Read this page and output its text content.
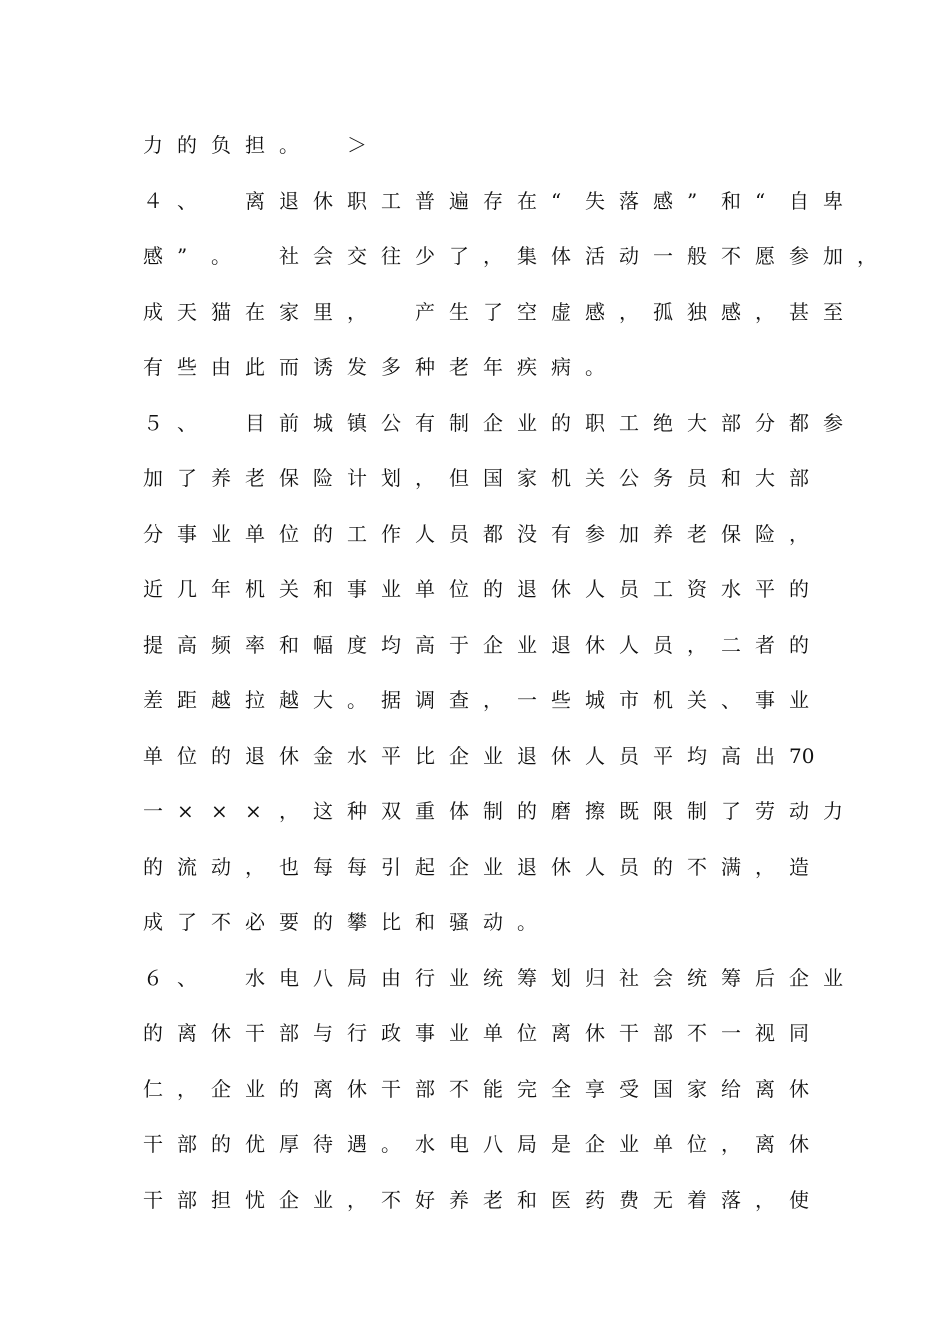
力 的 负 担 。
　 ＞
４ 、
　 离 退 休 职 工 普 遍 存 在 “ 失 落 感 ” 和 “ 自 卑
感 ” 。
　 社 会 交 往 少 了 ， 集 体 活 动 一 般 不 愿 参 加 ，
成 天 猫 在 家 里 ，
　 产 生 了 空 虚 感 ， 孤 独 感 ， 甚 至
有 些 由 此 而 诱 发 多 种 老 年 疾 病 。
５ 、
　 目 前 城 镇 公 有 制 企 业 的 职 工 绝 大 部 分 都 参
加 了 养 老 保 险 计 划 ， 但 国 家 机 关 公 务 员 和 大 部
分 事 业 单 位 的 工 作 人 员 都 没 有 参 加 养 老 保 险 ，
近 几 年 机 关 和 事 业 单 位 的 退 休 人 员 工 资 水 平 的
提 高 频 率 和 幅 度 均 高 于 企 业 退 休 人 员 ， 二 者 的
差 距 越 拉 越 大 。 据 调 查 ， 一 些 城 市 机 关 、 事 业
单 位 的 退 休 金 水 平 比 企 业 退 休 人 员 平 均 高 出 70
一 × × × ， 这 种 双 重 体 制 的 磨 擦 既 限 制 了 劳 动 力
的 流 动 ， 也 每 每 引 起 企 业 退 休 人 员 的 不 满 ， 造
成 了 不 必 要 的 攀 比 和 骚 动 。
６ 、
　 水 电 八 局 由 行 业 统 筹 划 归 社 会 统 筹 后 企 业
的 离 休 干 部 与 行 政 事 业 单 位 离 休 干 部 不 一 视 同
仁 ， 企 业 的 离 休 干 部 不 能 完 全 享 受 国 家 给 离 休
干 部 的 优 厚 待 遇 。 水 电 八 局 是 企 业 单 位 ， 离 休
干 部 担 忧 企 业 ， 不 好 养 老 和 医 药 费 无 着 落 ， 使
